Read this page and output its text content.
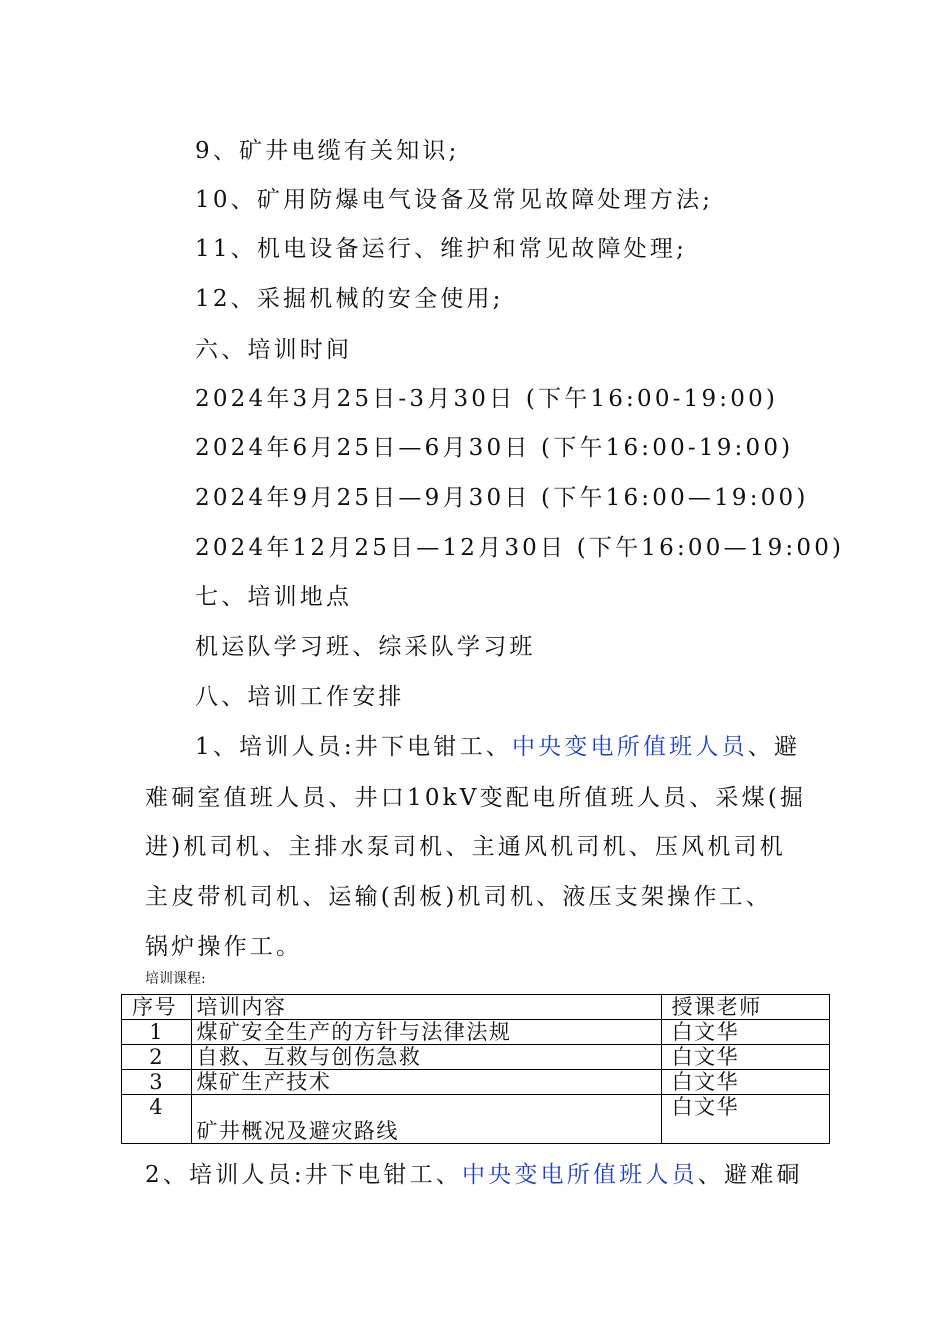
9、矿井电缆有关知识;
10、矿用防爆电气设备及常见故障处理方法;
11、机电设备运行、维护和常见故障处理;
12、采掘机械的安全使用;
六、培训时间
2024年3月25日-3月30日 (下午16:00-19:00)
2024年6月25日—6月30日 (下午16:00-19:00)
2024年9月25日—9月30日 (下午16:00—19:00)
2024年12月25日—12月30日 (下午16:00—19:00)
七、培训地点
机运队学习班、综采队学习班
八、培训工作安排
1、培训人员:井下电钳工、中央变电所值班人员、避
难硐室值班人员、井口10kV变配电所值班人员、采煤(掘
进)机司机、主排水泵司机、主通风机司机、压风机司机
主皮带机司机、运输(刮板)机司机、液压支架操作工、
锅炉操作工。
培训课程:
序号	培训内容	授课老师
1	煤矿安全生产的方针与法律法规	白文华
2	自救、互救与创伤急救	白文华
3	煤矿生产技术	白文华
4	矿井概况及避灾路线	白文华
2、培训人员:井下电钳工、中央变电所值班人员、避难硐
